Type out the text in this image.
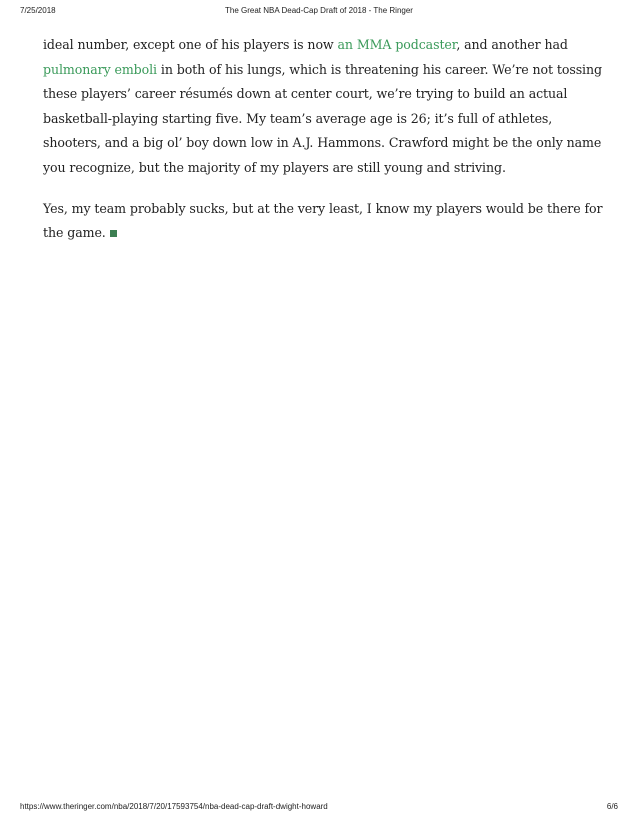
7/25/2018	The Great NBA Dead-Cap Draft of 2018 - The Ringer

ideal number, except one of his players is now an MMA podcaster, and another had pulmonary emboli in both of his lungs, which is threatening his career. We’re not tossing these players’ career résumés down at center court, we’re trying to build an actual basketball-playing starting five. My team’s average age is 26; it’s full of athletes, shooters, and a big ol’ boy down low in A.J. Hammons. Crawford might be the only name you recognize, but the majority of my players are still young and striving.

Yes, my team probably sucks, but at the very least, I know my players would be there for the game.

https://www.theringer.com/nba/2018/7/20/17593754/nba-dead-cap-draft-dwight-howard	6/6
